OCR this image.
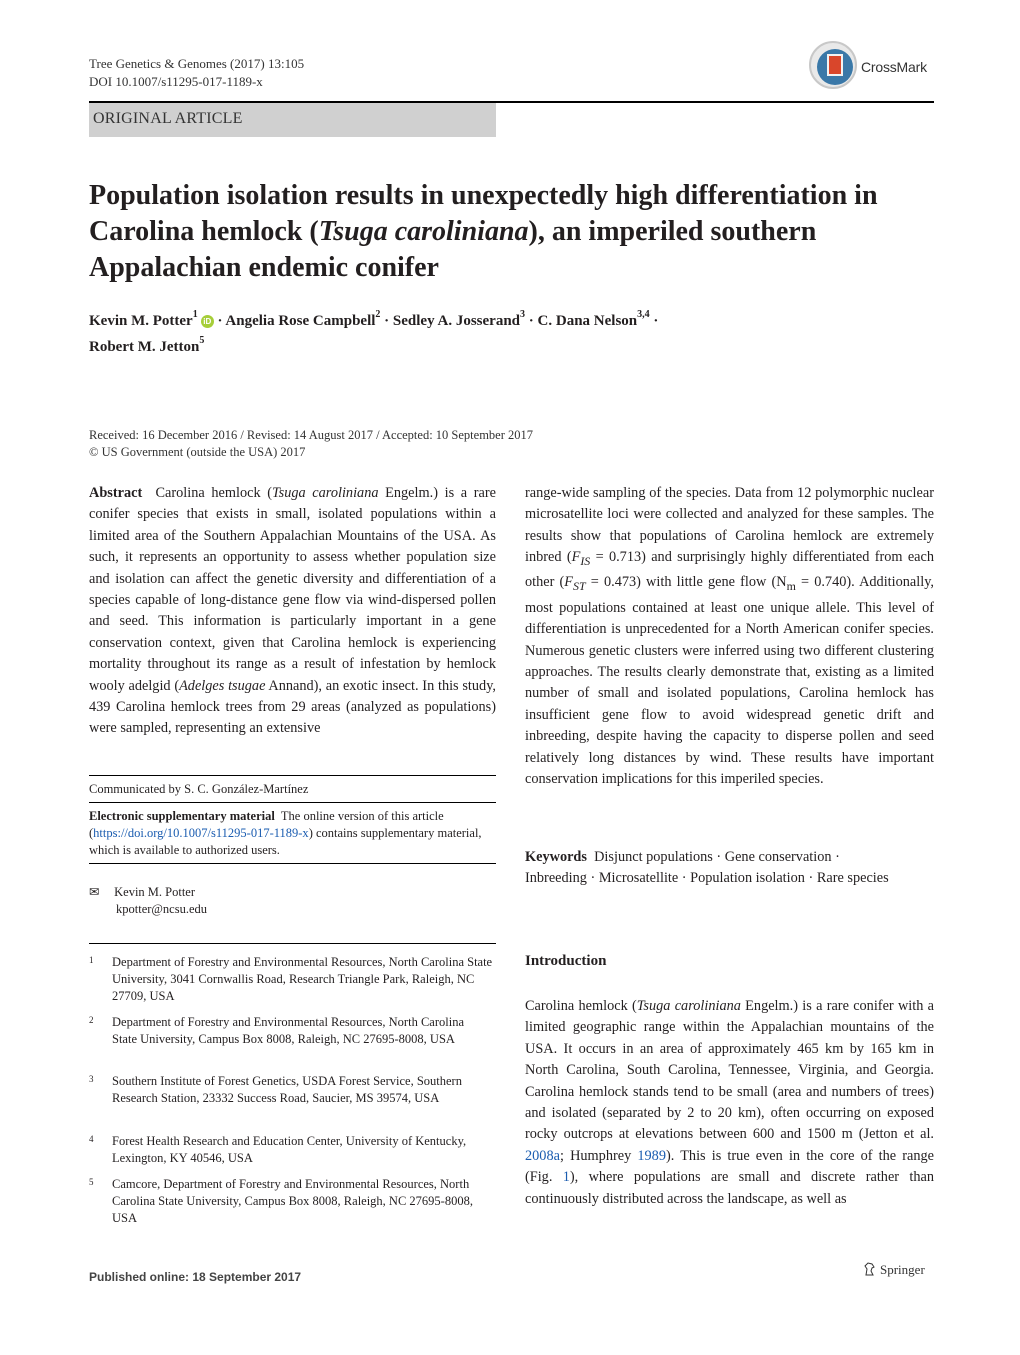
Tree Genetics & Genomes (2017) 13:105
DOI 10.1007/s11295-017-1189-x
CrossMark
ORIGINAL ARTICLE
Population isolation results in unexpectedly high differentiation in Carolina hemlock (Tsuga caroliniana), an imperiled southern Appalachian endemic conifer
Kevin M. Potter$^1$iD · Angelia Rose Campbell$^2$ · Sedley A. Josserand$^3$ · C. Dana Nelson$^{3,4}$ ·
Robert M. Jetton$^5$
Received: 16 December 2016 / Revised: 14 August 2017 / Accepted: 10 September 2017
© US Government (outside the USA) 2017
Abstract Carolina hemlock (Tsuga caroliniana Engelm.) is a rare conifer species that exists in small, isolated populations within a limited area of the Southern Appalachian Mountains of the USA. As such, it represents an opportunity to assess whether population size and isolation can affect the genetic diversity and differentiation of a species capable of long-distance gene flow via wind-dispersed pollen and seed. This information is particularly important in a gene conservation context, given that Carolina hemlock is experiencing mortality throughout its range as a result of infestation by hemlock wooly adelgid (Adelges tsugae Annand), an exotic insect. In this study, 439 Carolina hemlock trees from 29 areas (analyzed as populations) were sampled, representing an extensive
Communicated by S. C. González-Martínez
Electronic supplementary material The online version of this article (https://doi.org/10.1007/s11295-017-1189-x) contains supplementary material, which is available to authorized users.
✉ Kevin M. Potter
kpotter@ncsu.edu
1 Department of Forestry and Environmental Resources, North Carolina State University, 3041 Cornwallis Road, Research Triangle Park, Raleigh, NC 27709, USA
2 Department of Forestry and Environmental Resources, North Carolina State University, Campus Box 8008, Raleigh, NC 27695-8008, USA
3 Southern Institute of Forest Genetics, USDA Forest Service, Southern Research Station, 23332 Success Road, Saucier, MS 39574, USA
4 Forest Health Research and Education Center, University of Kentucky, Lexington, KY 40546, USA
5 Camcore, Department of Forestry and Environmental Resources, North Carolina State University, Campus Box 8008, Raleigh, NC 27695-8008, USA
range-wide sampling of the species. Data from 12 polymorphic nuclear microsatellite loci were collected and analyzed for these samples. The results show that populations of Carolina hemlock are extremely inbred $(F_{IS} = 0.713)$ and surprisingly highly differentiated from each other $(F_{ST} = 0.473)$ with little gene flow $(N_m = 0.740)$. Additionally, most populations contained at least one unique allele. This level of differentiation is unprecedented for a North American conifer species. Numerous genetic clusters were inferred using two different clustering approaches. The results clearly demonstrate that, existing as a limited number of small and isolated populations, Carolina hemlock has insufficient gene flow to avoid widespread genetic drift and inbreeding, despite having the capacity to disperse pollen and seed relatively long distances by wind. These results have important conservation implications for this imperiled species.
Keywords Disjunct populations · Gene conservation · Inbreeding · Microsatellite · Population isolation · Rare species
Introduction
Carolina hemlock (Tsuga caroliniana Engelm.) is a rare conifer with a limited geographic range within the Appalachian mountains of the USA. It occurs in an area of approximately 465 km by 165 km in North Carolina, South Carolina, Tennessee, Virginia, and Georgia. Carolina hemlock stands tend to be small (area and numbers of trees) and isolated (separated by 2 to 20 km), often occurring on exposed rocky outcrops at elevations between 600 and 1500 m (Jetton et al. 2008a; Humphrey 1989). This is true even in the core of the range (Fig. 1), where populations are small and discrete rather than continuously distributed across the landscape, as well as
Published online: 18 September 2017	Springer
